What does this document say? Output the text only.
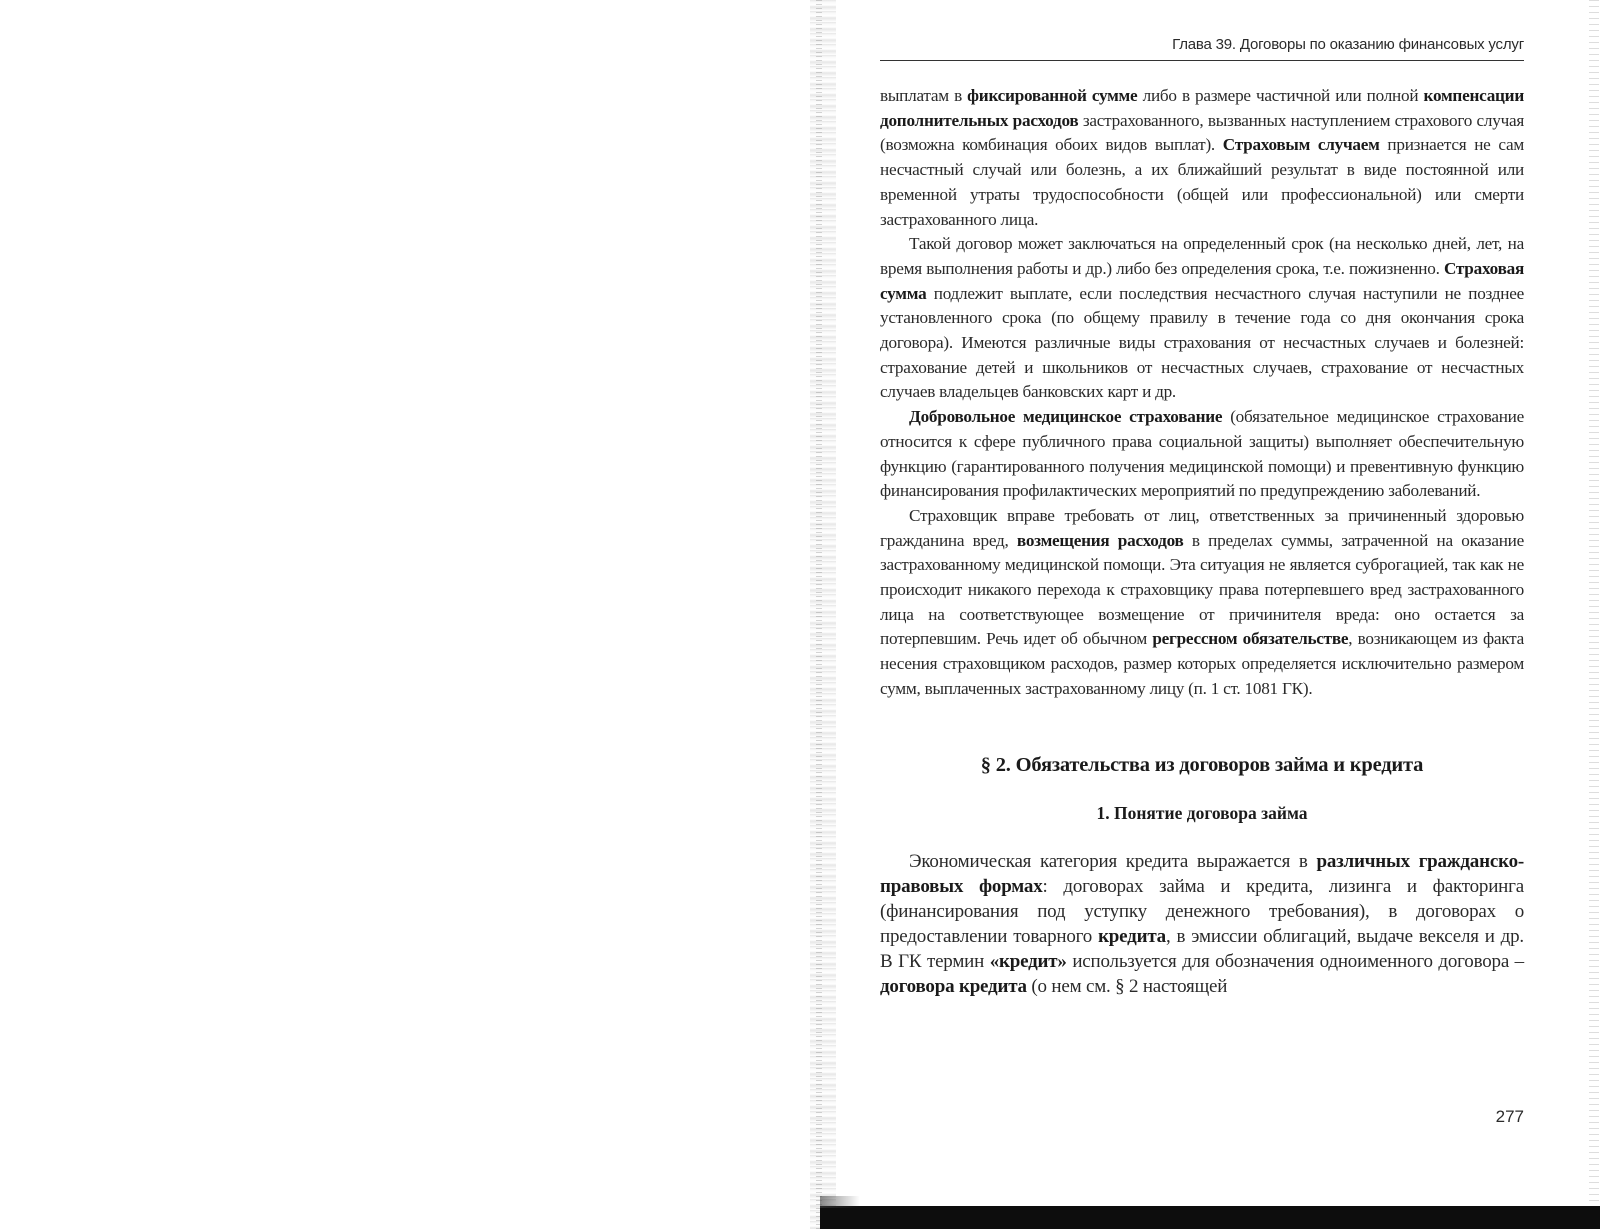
Глава 39. Договоры по оказанию финансовых услуг

выплатам в фиксированной сумме либо в размере частичной или полной компенсации дополнительных расходов застрахованного, вызванных наступлением страхового случая (возможна комбинация обоих видов выплат). Страховым случаем признается не сам несчастный случай или болезнь, а их ближайший результат в виде постоянной или временной утраты трудоспособности (общей или профессиональной) или смерти застрахованного лица.

Такой договор может заключаться на определенный срок (на несколько дней, лет, на время выполнения работы и др.) либо без определения срока, т.е. пожизненно. Страховая сумма подлежит выплате, если последствия несчастного случая наступили не позднее установленного срока (по общему правилу в течение года со дня окончания срока договора). Имеются различные виды страхования от несчастных случаев и болезней: страхование детей и школьников от несчастных случаев, страхование от несчастных случаев владельцев банковских карт и др.

Добровольное медицинское страхование (обязательное медицинское страхование относится к сфере публичного права социальной защиты) выполняет обеспечительную функцию (гарантированного получения медицинской помощи) и превентивную функцию финансирования профилактических мероприятий по предупреждению заболеваний.

Страховщик вправе требовать от лиц, ответственных за причиненный здоровью гражданина вред, возмещения расходов в пределах суммы, затраченной на оказание застрахованному медицинской помощи. Эта ситуация не является суброгацией, так как не происходит никакого перехода к страховщику права потерпевшего вред застрахованного лица на соответствующее возмещение от причинителя вреда: оно остается за потерпевшим. Речь идет об обычном регрессном обязательстве, возникающем из факта несения страховщиком расходов, размер которых определяется исключительно размером сумм, выплаченных застрахованному лицу (п. 1 ст. 1081 ГК).

§ 2. Обязательства из договоров займа и кредита
1. Понятие договора займа

Экономическая категория кредита выражается в различных гражданско-правовых формах: договорах займа и кредита, лизинга и факторинга (финансирования под уступку денежного требования), в договорах о предоставлении товарного кредита, в эмиссии облигаций, выдаче векселя и др. В ГК термин «кредит» используется для обозначения одноименного договора – договора кредита (о нем см. § 2 настоящей

277
